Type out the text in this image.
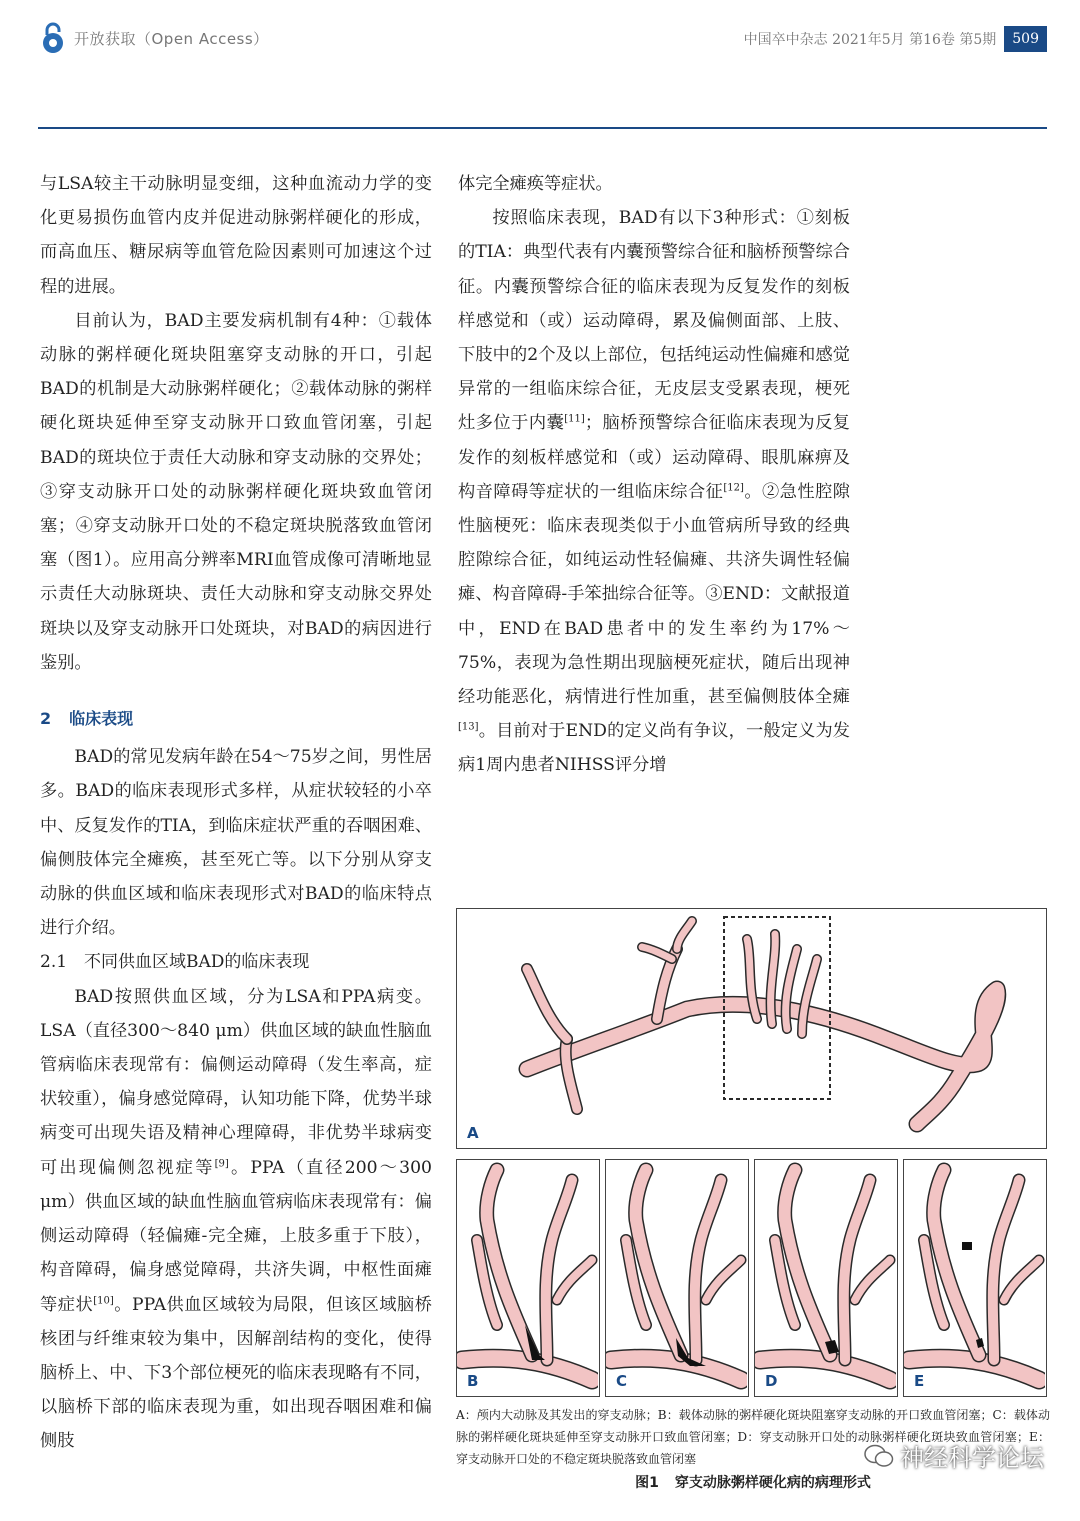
开放获取（Open Access）	中国卒中杂志 2021年5月 第16卷 第5期	509

与LSA较主干动脉明显变细，这种血流动力学的变化更易损伤血管内皮并促进动脉粥样硬化的形成，而高血压、糖尿病等血管危险因素则可加速这个过程的进展。

目前认为，BAD主要发病机制有4种：①载体动脉的粥样硬化斑块阻塞穿支动脉的开口，引起BAD的机制是大动脉粥样硬化；②载体动脉的粥样硬化斑块延伸至穿支动脉开口致血管闭塞，引起BAD的斑块位于责任大动脉和穿支动脉的交界处；③穿支动脉开口处的动脉粥样硬化斑块致血管闭塞；④穿支动脉开口处的不稳定斑块脱落致血管闭塞（图1）。应用高分辨率MRI血管成像可清晰地显示责任大动脉斑块、责任大动脉和穿支动脉交界处斑块以及穿支动脉开口处斑块，对BAD的病因进行鉴别。

2 临床表现

BAD的常见发病年龄在54～75岁之间，男性居多。BAD的临床表现形式多样，从症状较轻的小卒中、反复发作的TIA，到临床症状严重的吞咽困难、偏侧肢体完全瘫痪，甚至死亡等。以下分别从穿支动脉的供血区域和临床表现形式对BAD的临床特点进行介绍。

2.1　不同供血区域BAD的临床表现

BAD按照供血区域，分为LSA和PPA病变。LSA（直径300～840 μm）供血区域的缺血性脑血管病临床表现常有：偏侧运动障碍（发生率高，症状较重），偏身感觉障碍，认知功能下降，优势半球病变可出现失语及精神心理障碍，非优势半球病变可出现偏侧忽视症等[9]。PPA（直径200～300 μm）供血区域的缺血性脑血管病临床表现常有：偏侧运动障碍（轻偏瘫-完全瘫，上肢多重于下肢），构音障碍，偏身感觉障碍，共济失调，中枢性面瘫等症状[10]。PPA供血区域较为局限，但该区域脑桥核团与纤维束较为集中，因解剖结构的变化，使得脑桥上、中、下3个部位梗死的临床表现略有不同，以脑桥下部的临床表现为重，如出现吞咽困难和偏侧肢

体完全瘫痪等症状。

按照临床表现，BAD有以下3种形式：①刻板的TIA：典型代表有内囊预警综合征和脑桥预警综合征。内囊预警综合征的临床表现为反复发作的刻板样感觉和（或）运动障碍，累及偏侧面部、上肢、下肢中的2个及以上部位，包括纯运动性偏瘫和感觉异常的一组临床综合征，无皮层支受累表现，梗死灶多位于内囊[11]；脑桥预警综合征临床表现为反复发作的刻板样感觉和（或）运动障碍、眼肌麻痹及构音障碍等症状的一组临床综合征[12]。②急性腔隙性脑梗死：临床表现类似于小血管病所导致的经典腔隙综合征，如纯运动性轻偏瘫、共济失调性轻偏瘫、构音障碍-手笨拙综合征等。③END：文献报道中，END在BAD患者中的发生率约为17%～75%，表现为急性期出现脑梗死症状，随后出现神经功能恶化，病情进行性加重，甚至偏侧肢体全瘫[13]。目前对于END的定义尚有争议，一般定义为发病1周内患者NIHSS评分增

A
B	C	D	E
A：颅内大动脉及其发出的穿支动脉；B：载体动脉的粥样硬化斑块阻塞穿支动脉的开口致血管闭塞；C：载体动脉的粥样硬化斑块延伸至穿支动脉开口致血管闭塞；D：穿支动脉开口处的动脉粥样硬化斑块致血管闭塞；E：穿支动脉开口处的不稳定斑块脱落致血管闭塞
图1 穿支动脉粥样硬化病的病理形式
神经科学论坛
